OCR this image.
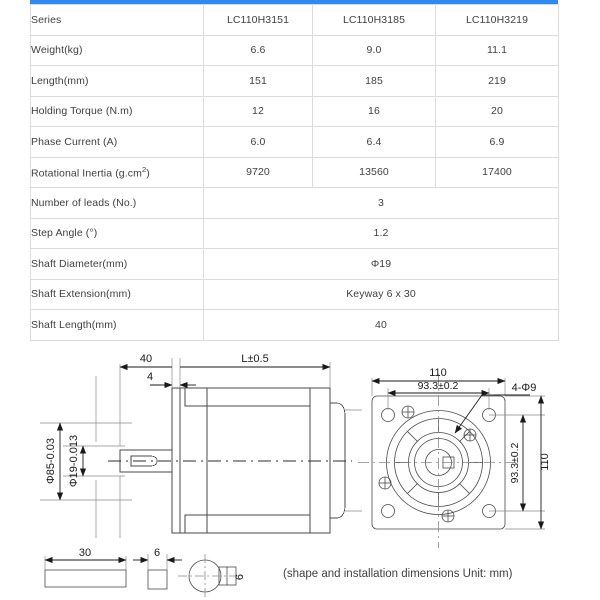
Series	LC110H3151	LC110H3185	LC110H3219
Weight(kg)	6.6	9.0	11.1
Length(mm)	151	185	219
Holding Torque (N.m)	12	16	20
Phase Current (A)	6.0	6.4	6.9
Rotational Inertia $(g.cm^2)$	9720	13560	17400
Number of leads (No.)	3		
Step Angle (°)	1.2		
Shaft Diameter(mm)	Φ19		
Shaft Extension(mm)	Keyway 6 x 30		
Shaft Length(mm)	40		
40	L±0.5
4
Φ85-0.03 Φ19-0.013
110
93.3±0.2
110
93.3±0.2
4-Φ9
30	6
6	(shape and installation dimensions Unit: mm)
